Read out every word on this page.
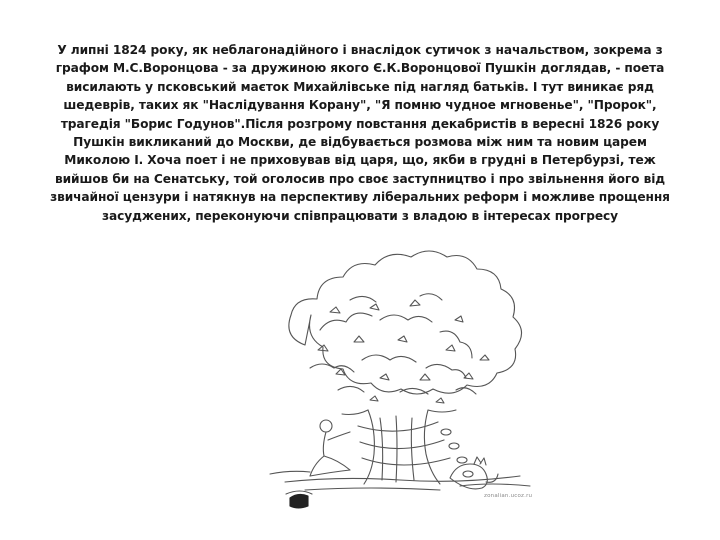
У липні 1824 року, як неблагонадійного і внаслідок сутичок з начальством, зокрема з графом М.С.Воронцова - за дружиною якого Є.К.Воронцової Пушкін доглядав, - поета висилають у псковський маєток Михайлівське під нагляд батьків. І тут виникає ряд шедеврів, таких як "Наслідування Корану", "Я помню чудное мгновенье", "Пророк", трагедія "Борис Годунов".Після розгрому повстання декабристів в вересні 1826 року Пушкін викликаний до Москви, де відбувається розмова між ним та новим царем Миколою І. Хоча поет і не приховував від царя, що, якби в грудні в Петербурзі, теж вийшов би на Сенатську, той оголосив про своє заступництво і про звільнення його від звичайної цензури і натякнув на перспективу ліберальних реформ і можливе прощення засуджених, переконуючи співпрацювати з владою в інтересах прогресу

zonalian.ucoz.ru
